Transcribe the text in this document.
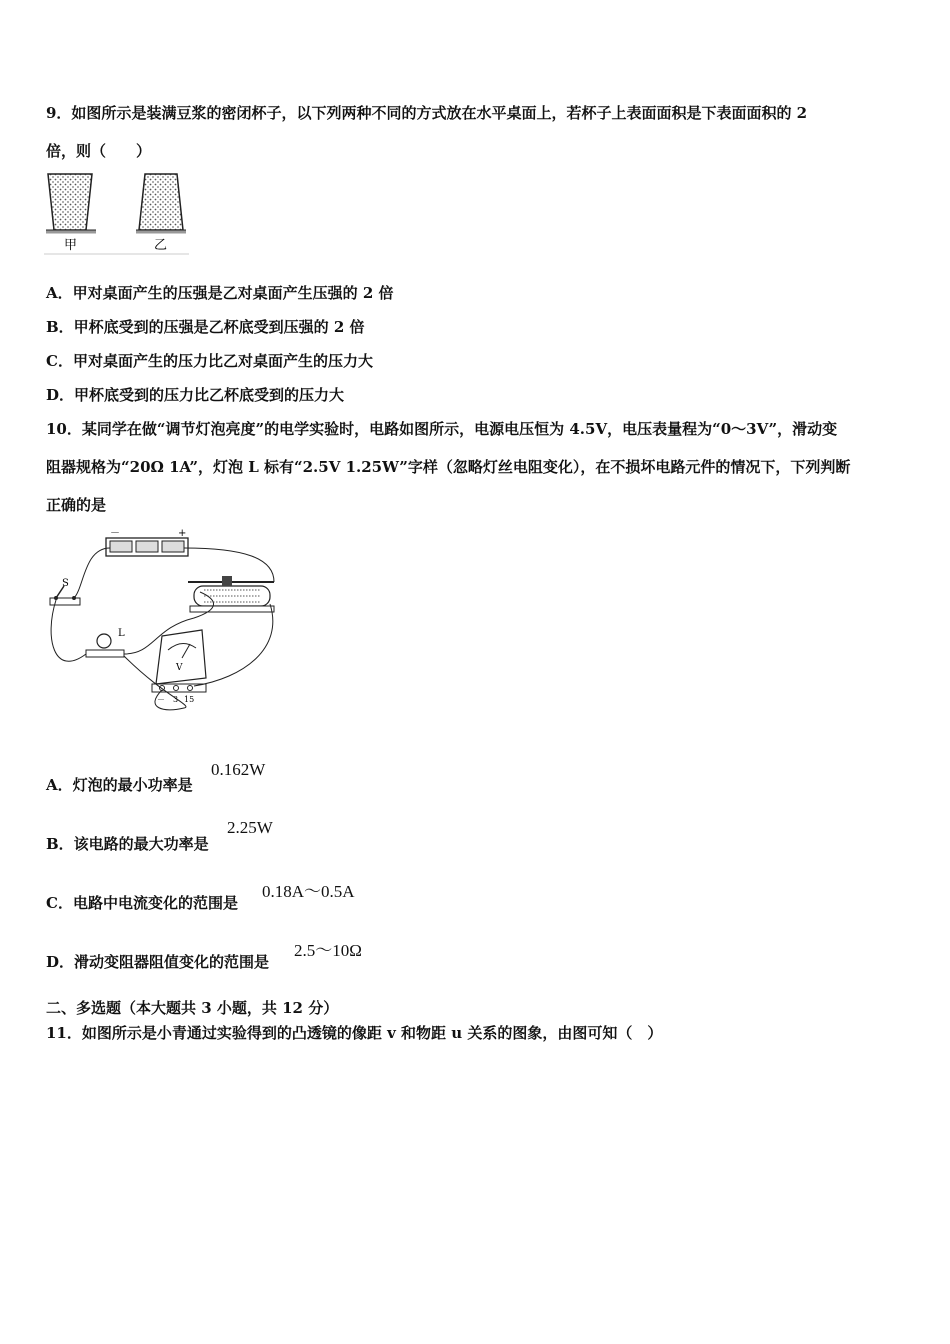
9．如图所示是装满豆浆的密闭杯子，以下列两种不同的方式放在水平桌面上，若杯子上表面面积是下表面面积的 2
倍，则（　　）
甲	乙
A．甲对桌面产生的压强是乙对桌面产生压强的 2 倍
B．甲杯底受到的压强是乙杯底受到压强的 2 倍
C．甲对桌面产生的压力比乙对桌面产生的压力大
D．甲杯底受到的压力比乙杯底受到的压力大
10．某同学在做“调节灯泡亮度”的电学实验时，电路如图所示，电源电压恒为 4.5V，电压表量程为“0～3V”，滑动变
阻器规格为“20Ω 1A”，灯泡 L 标有“2.5V 1.25W”字样（忽略灯丝电阻变化），在不损坏电路元件的情况下，下列判断
正确的是
－	+
S
L
V
－ 3 15
A．灯泡的最小功率是
0.162W
B．该电路的最大功率是
2.25W
C．电路中电流变化的范围是
0.18A～0.5A
D．滑动变阻器阻值变化的范围是
2.5～10Ω
二、多选题（本大题共 3 小题，共 12 分）
11．如图所示是小青通过实验得到的凸透镜的像距 v 和物距 u 关系的图象，由图可知（　）
